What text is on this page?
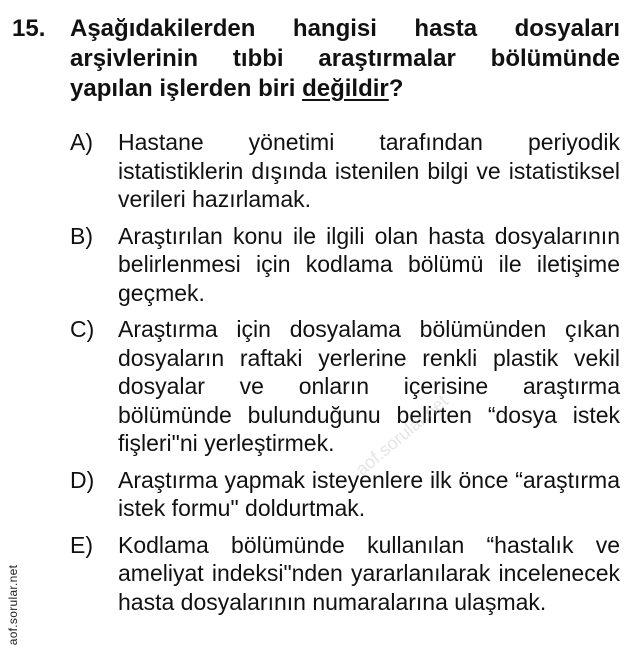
15.	Aşağıdakilerden hangisi hasta dosyaları arşivlerinin tıbbi araştırmalar bölümünde yapılan işlerden biri değildir?
A)	Hastane yönetimi tarafından periyodik istatistiklerin dışında istenilen bilgi ve istatistiksel verileri hazırlamak.
B)	Araştırılan konu ile ilgili olan hasta dosyalarının belirlenmesi için kodlama bölümü ile iletişime geçmek.
C)	Araştırma için dosyalama bölümünden çıkan dosyaların raftaki yerlerine renkli plastik vekil dosyalar ve onların içerisine araştırma bölümünde bulunduğunu belirten “dosya istek fişleri"ni yerleştirmek.
D)	Araştırma yapmak isteyenlere ilk önce “araştırma istek formu" doldurtmak.
E)	Kodlama bölümünde kullanılan “hastalık ve ameliyat indeksi"nden yararlanılarak incelenecek hasta dosyalarının numaralarına ulaşmak.
aof.sorular.net
aof.sorular.net
